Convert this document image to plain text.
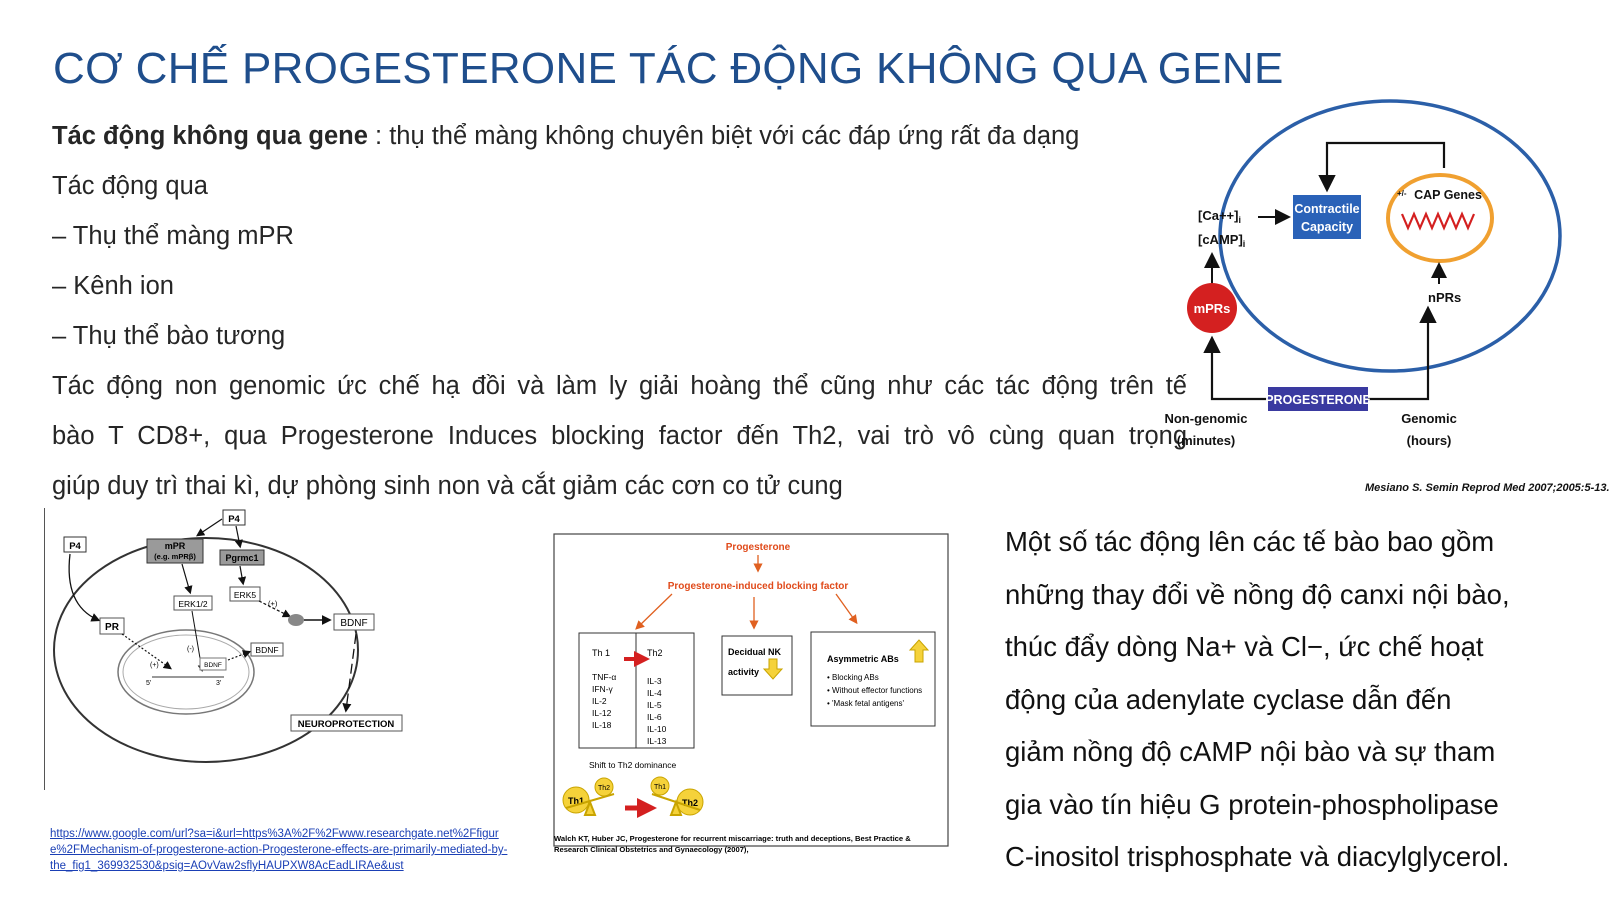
CƠ CHẾ PROGESTERONE TÁC ĐỘNG KHÔNG QUA GENE

Tác động không qua gene : thụ thể màng không chuyên biệt với các đáp ứng rất đa dạng

Tác động qua

– Thụ thể màng mPR

– Kênh ion

– Thụ thể bào tương

Tác động non genomic ức chế hạ đồi và làm ly giải hoàng thể cũng như các tác động trên tế

bào T CD8+, qua Progesterone Induces blocking factor đến Th2, vai trò vô cùng quan trọng

giúp duy trì thai kì, dự phòng sinh non và cắt giảm các cơn co tử cung

Một số tác động lên các tế bào bao gồm

những thay đổi về nồng độ canxi nội bào,

thúc đẩy dòng Na+ và Cl−, ức chế hoạt

động của adenylate cyclase dẫn đến

giảm nồng độ cAMP nội bào và sự tham

gia vào tín hiệu G protein-phospholipase

C-inositol trisphosphate và diacylglycerol.

$[Ca++]_i$
$[cAMP]_i$
Contractile
Capacity
+/- CAP Genes
nPRs
mPRs
PROGESTERONE
Non-genomic
(minutes)
Genomic
(hours)
Mesiano S. Semin Reprod Med 2007;2005:5-13.
P4
P4	mPR
(e.g. mPRβ)	Pgrmc1
ERK1/2
ERK5
(+)
BDNF
NEUROPROTECTION
PR
(+)
(-)
BDNF
5'	3'
BDNF
https://www.google.com/url?sa=i&url=https%3A%2F%2Fwww.researchgate.net%2Ffigure%2FMechanism-of-progesterone-action-Progesterone-effects-are-primarily-mediated-by-the_fig1_369932530&psig=AOvVaw2sflyHAUPXW8AcEadLIRAe&ust
Progesterone
Progesterone-induced blocking factor
Th 1	Th2
TNF-α
IFN-γ
IL-2
IL-12
IL-18
IL-3
IL-4
IL-5
IL-6
IL-10
IL-13
Decidual NK
activity
Asymmetric ABs
• Blocking ABs
• Without effector functions
• 'Mask fetal antigens'
Shift to Th2 dominance
Th1
Th2	Th1
Th2
Walch KT, Huber JC, Progesterone for recurrent miscarriage: truth and deceptions, Best Practice &
Research Clinical Obstetrics and Gynaecology (2007),
